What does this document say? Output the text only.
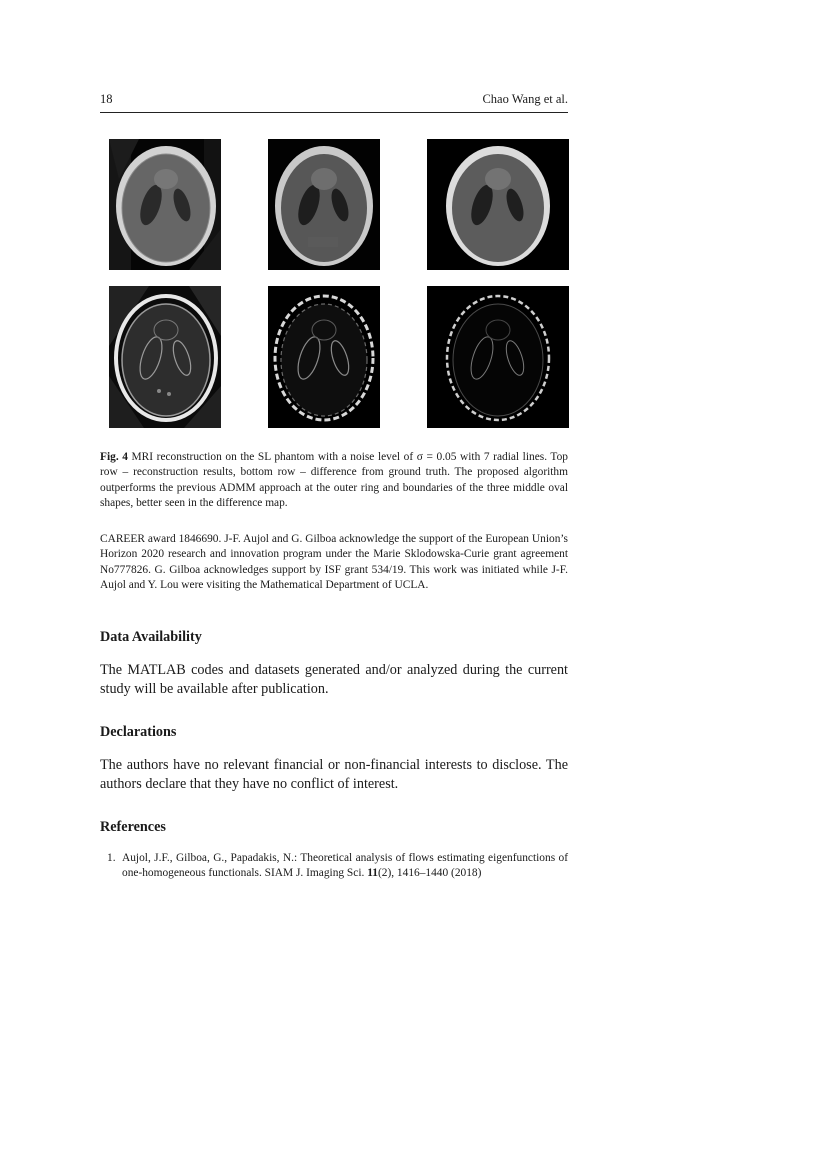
18	Chao Wang et al.
Fig. 4 MRI reconstruction on the SL phantom with a noise level of σ = 0.05 with 7 radial lines. Top row – reconstruction results, bottom row – difference from ground truth. The proposed algorithm outperforms the previous ADMM approach at the outer ring and boundaries of the three middle oval shapes, better seen in the difference map.
CAREER award 1846690. J-F. Aujol and G. Gilboa acknowledge the support of the European Union’s Horizon 2020 research and innovation program under the Marie Sklodowska-Curie grant agreement No777826. G. Gilboa acknowledges support by ISF grant 534/19. This work was initiated while J-F. Aujol and Y. Lou were visiting the Mathematical Department of UCLA.
Data Availability
The MATLAB codes and datasets generated and/or analyzed during the current study will be available after publication.
Declarations
The authors have no relevant financial or non-financial interests to disclose. The authors declare that they have no conflict of interest.
References
1. Aujol, J.F., Gilboa, G., Papadakis, N.: Theoretical analysis of flows estimating eigenfunctions of one-homogeneous functionals. SIAM J. Imaging Sci. 11(2), 1416–1440 (2018)
